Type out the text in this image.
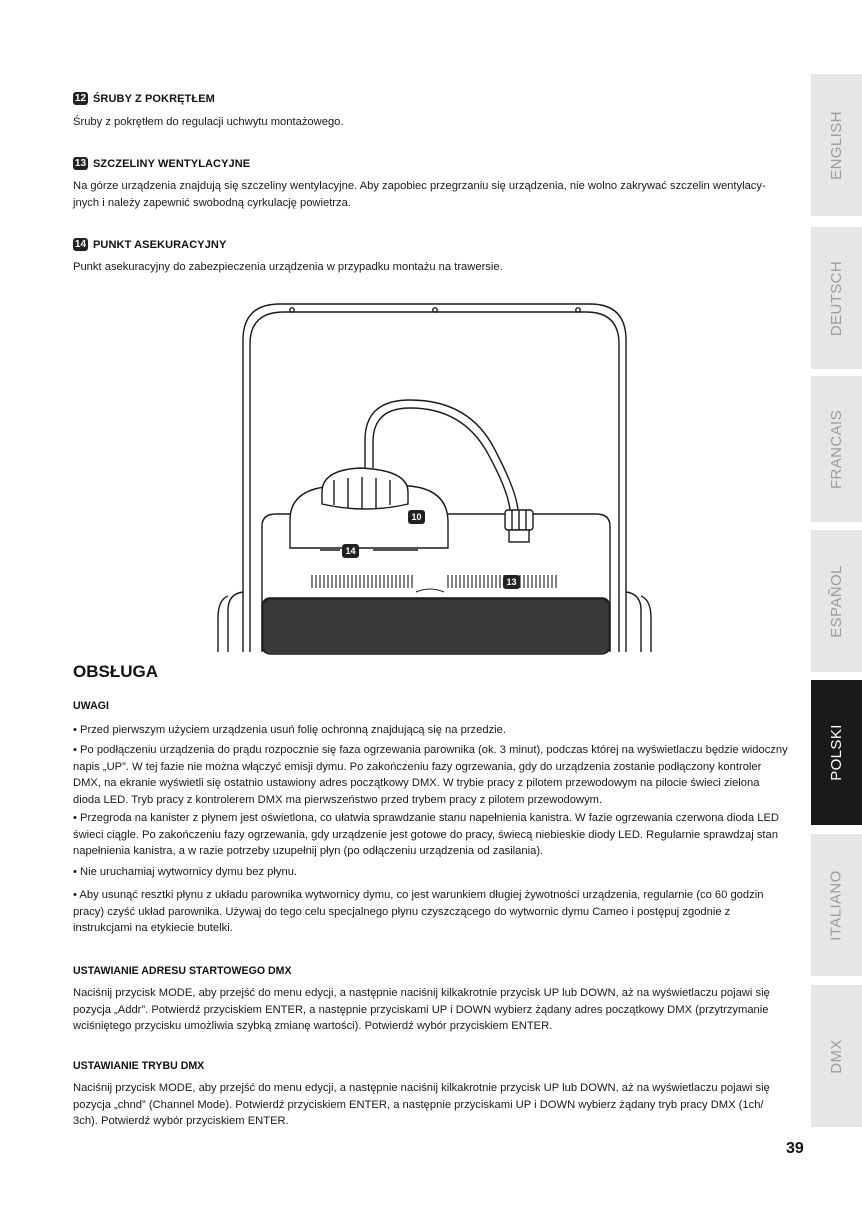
12 ŚRUBY Z POKRĘTŁEM
Śruby z pokrętłem do regulacji uchwytu montażowego.
13 SZCZELINY WENTYLACYJNE
Na górze urządzenia znajdują się szczeliny wentylacyjne. Aby zapobiec przegrzaniu się urządzenia, nie wolno zakrywać szczelin wentylacy-
jnych i należy zapewnić swobodną cyrkulację powietrza.
14 PUNKT ASEKURACYJNY
Punkt asekuracyjny do zabezpieczenia urządzenia w przypadku montażu na trawersie.
10
14
13
OBSŁUGA
UWAGI
• Przed pierwszym użyciem urządzenia usuń folię ochronną znajdującą się na przedzie.
• Po podłączeniu urządzenia do prądu rozpocznie się faza ogrzewania parownika (ok. 3 minut), podczas której na wyświetlaczu będzie widoczny napis „UP”. W tej fazie nie można włączyć emisji dymu. Po zakończeniu fazy ogrzewania, gdy do urządzenia zostanie podłączony kontroler DMX, na ekranie wyświetli się ostatnio ustawiony adres początkowy DMX. W trybie pracy z pilotem przewodowym na pilocie świeci zielona dioda LED. Tryb pracy z kontrolerem DMX ma pierwszeństwo przed trybem pracy z pilotem przewodowym.
• Przegroda na kanister z płynem jest oświetlona, co ułatwia sprawdzanie stanu napełnienia kanistra. W fazie ogrzewania czerwona dioda LED świeci ciągle. Po zakończeniu fazy ogrzewania, gdy urządzenie jest gotowe do pracy, świecą niebieskie diody LED. Regularnie sprawdzaj stan napełnienia kanistra, a w razie potrzeby uzupełnij płyn (po odłączeniu urządzenia od zasilania).
• Nie uruchamiaj wytwornicy dymu bez płynu.
• Aby usunąć resztki płynu z układu parownika wytwornicy dymu, co jest warunkiem długiej żywotności urządzenia, regularnie (co 60 godzin pracy) czyść układ parownika. Używaj do tego celu specjalnego płynu czyszczącego do wytwornic dymu Cameo i postępuj zgodnie z instrukcjami na etykiecie butelki.
USTAWIANIE ADRESU STARTOWEGO DMX
Naciśnij przycisk MODE, aby przejść do menu edycji, a następnie naciśnij kilkakrotnie przycisk UP lub DOWN, aż na wyświetlaczu pojawi się pozycja „Addr”. Potwierdź przyciskiem ENTER, a następnie przyciskami UP i DOWN wybierz żądany adres początkowy DMX (przytrzymanie wciśniętego przycisku umożliwia szybką zmianę wartości). Potwierdź wybór przyciskiem ENTER.
USTAWIANIE TRYBU DMX
Naciśnij przycisk MODE, aby przejść do menu edycji, a następnie naciśnij kilkakrotnie przycisk UP lub DOWN, aż na wyświetlaczu pojawi się pozycja „chnd” (Channel Mode). Potwierdź przyciskiem ENTER, a następnie przyciskami UP i DOWN wybierz żądany tryb pracy DMX (1ch/ 3ch). Potwierdź wybór przyciskiem ENTER.
ENGLISH
DEUTSCH
FRANCAIS
ESPAÑOL
POLSKI
ITALIANO
DMX
39
